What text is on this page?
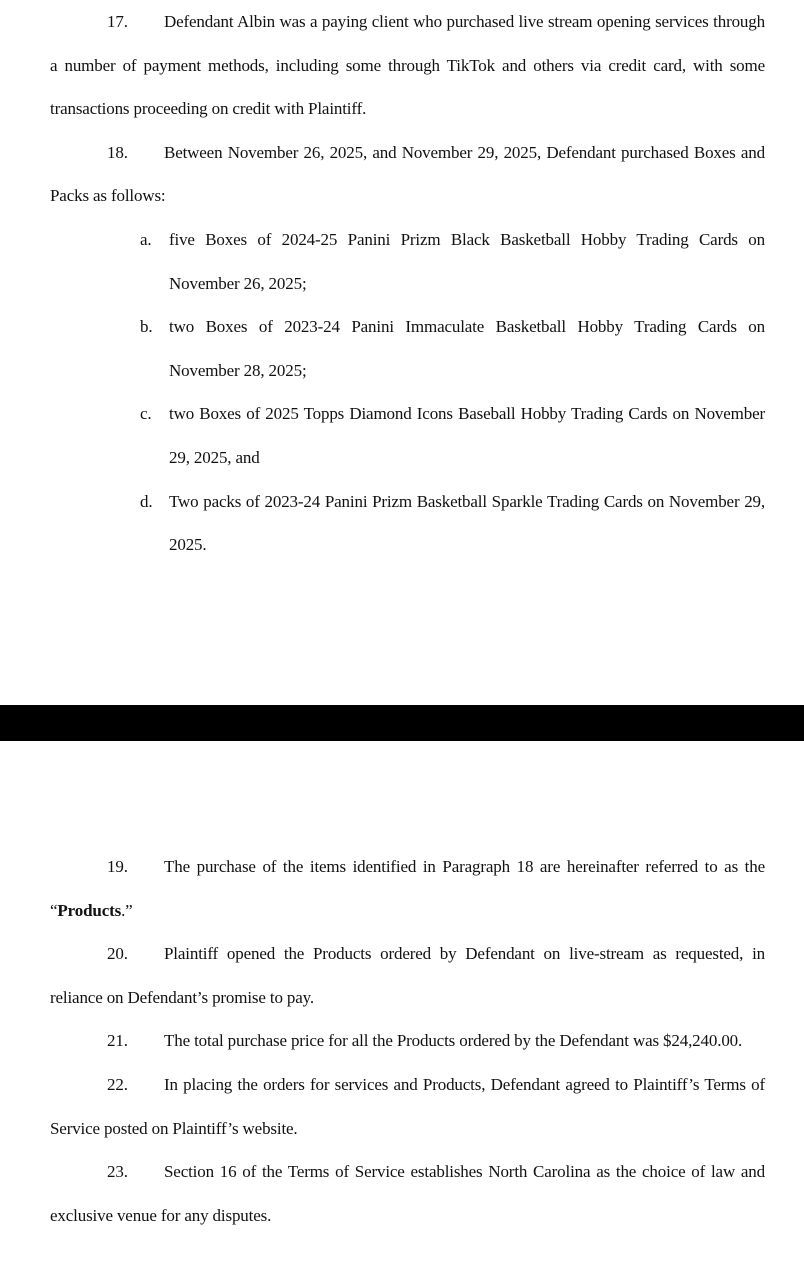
17. Defendant Albin was a paying client who purchased live stream opening services through a number of payment methods, including some through TikTok and others via credit card, with some transactions proceeding on credit with Plaintiff.

18. Between November 26, 2025, and November 29, 2025, Defendant purchased Boxes and Packs as follows:

a. five Boxes of 2024-25 Panini Prizm Black Basketball Hobby Trading Cards on November 26, 2025;
b. two Boxes of 2023-24 Panini Immaculate Basketball Hobby Trading Cards on November 28, 2025;
c. two Boxes of 2025 Topps Diamond Icons Baseball Hobby Trading Cards on November 29, 2025, and
d. Two packs of 2023-24 Panini Prizm Basketball Sparkle Trading Cards on November 29, 2025.

19. The purchase of the items identified in Paragraph 18 are hereinafter referred to as the “Products.”

20. Plaintiff opened the Products ordered by Defendant on live-stream as requested, in reliance on Defendant’s promise to pay.

21. The total purchase price for all the Products ordered by the Defendant was $24,240.00.

22. In placing the orders for services and Products, Defendant agreed to Plaintiff’s Terms of Service posted on Plaintiff’s website.

23. Section 16 of the Terms of Service establishes North Carolina as the choice of law and exclusive venue for any disputes.
